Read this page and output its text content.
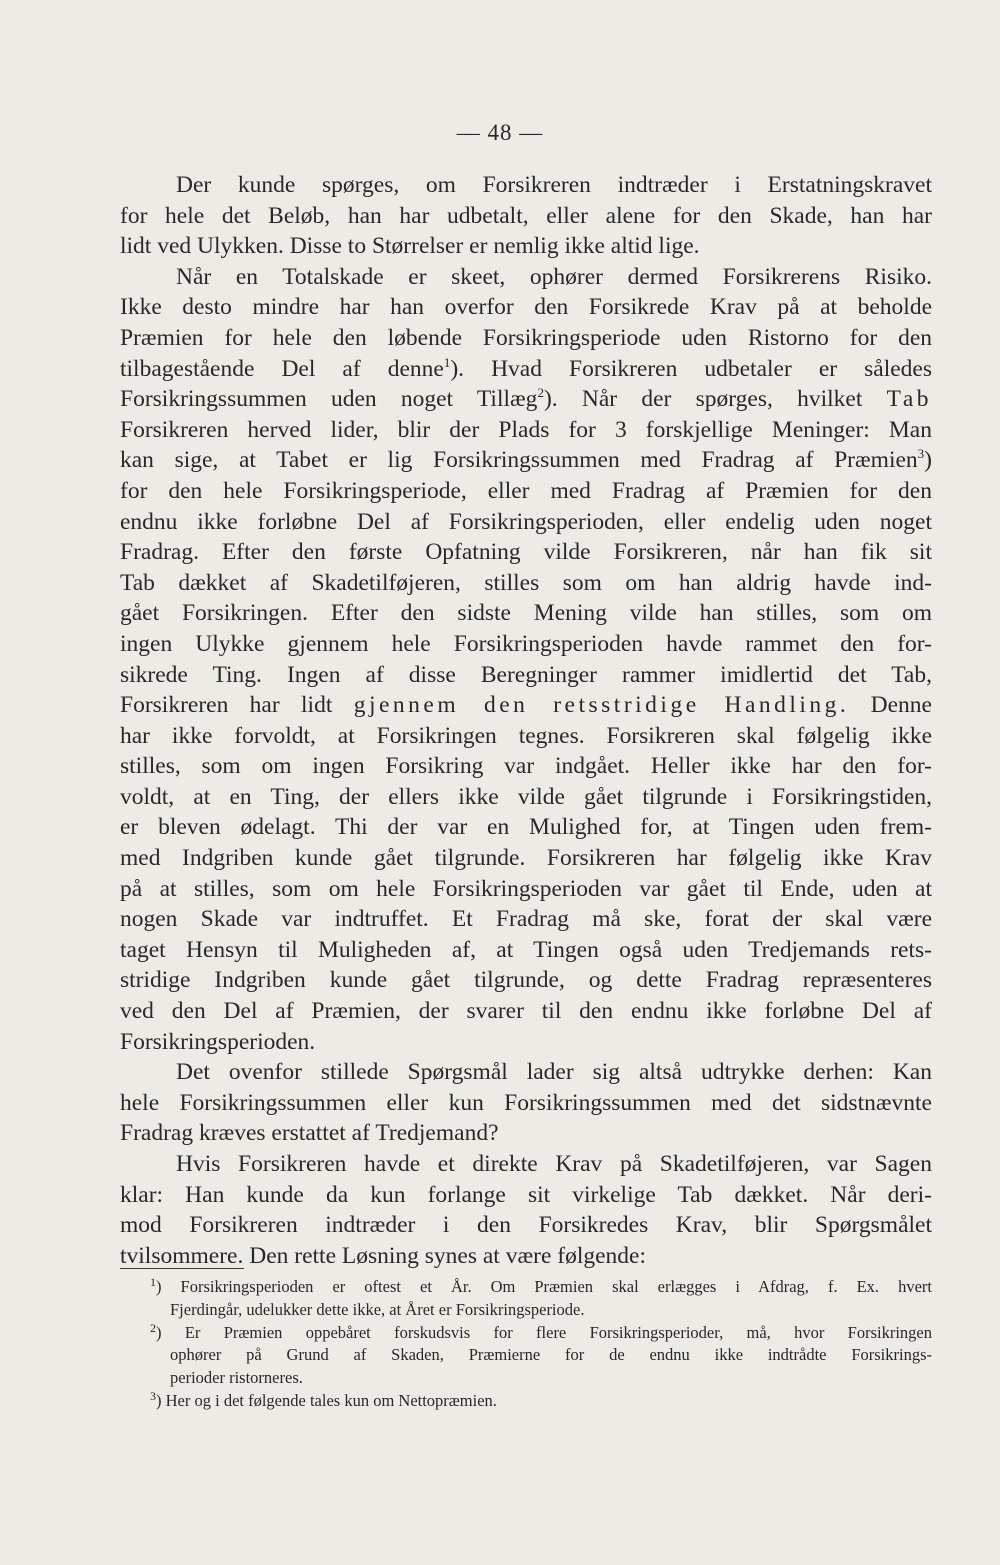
— 48 —
Der kunde spørges, om Forsikreren indtræder i Erstatningskravet
for hele det Beløb, han har udbetalt, eller alene for den Skade, han har
lidt ved Ulykken. Disse to Størrelser er nemlig ikke altid lige.
Når en Totalskade er skeet, ophører dermed Forsikrerens Risiko.
Ikke desto mindre har han overfor den Forsikrede Krav på at beholde
Præmien for hele den løbende Forsikringsperiode uden Ristorno for den
tilbagestående Del af denne$^1$). Hvad Forsikreren udbetaler er således
Forsikringssummen uden noget Tillæg$^2$). Når der spørges, hvilket Tab
Forsikreren herved lider, blir der Plads for 3 forskjellige Meninger: Man
kan sige, at Tabet er lig Forsikringssummen med Fradrag af Præmien$^3$)
for den hele Forsikringsperiode, eller med Fradrag af Præmien for den
endnu ikke forløbne Del af Forsikringsperioden, eller endelig uden noget
Fradrag. Efter den første Opfatning vilde Forsikreren, når han fik sit
Tab dækket af Skadetilføjeren, stilles som om han aldrig havde ind-
gået Forsikringen. Efter den sidste Mening vilde han stilles, som om
ingen Ulykke gjennem hele Forsikringsperioden havde rammet den for-
sikrede Ting. Ingen af disse Beregninger rammer imidlertid det Tab,
Forsikreren har lidt gjennem den retsstridige Handling. Denne
har ikke forvoldt, at Forsikringen tegnes. Forsikreren skal følgelig ikke
stilles, som om ingen Forsikring var indgået. Heller ikke har den for-
voldt, at en Ting, der ellers ikke vilde gået tilgrunde i Forsikringstiden,
er bleven ødelagt. Thi der var en Mulighed for, at Tingen uden frem-
med Indgriben kunde gået tilgrunde. Forsikreren har følgelig ikke Krav
på at stilles, som om hele Forsikringsperioden var gået til Ende, uden at
nogen Skade var indtruffet. Et Fradrag må ske, forat der skal være
taget Hensyn til Muligheden af, at Tingen også uden Tredjemands rets-
stridige Indgriben kunde gået tilgrunde, og dette Fradrag repræsenteres
ved den Del af Præmien, der svarer til den endnu ikke forløbne Del af
Forsikringsperioden.
Det ovenfor stillede Spørgsmål lader sig altså udtrykke derhen: Kan
hele Forsikringssummen eller kun Forsikringssummen med det sidstnævnte
Fradrag kræves erstattet af Tredjemand?
Hvis Forsikreren havde et direkte Krav på Skadetilføjeren, var Sagen
klar: Han kunde da kun forlange sit virkelige Tab dækket. Når deri-
mod Forsikreren indtræder i den Forsikredes Krav, blir Spørgsmålet
tvilsommere. Den rette Løsning synes at være følgende:
$^1$) Forsikringsperioden er oftest et År. Om Præmien skal erlægges i Afdrag, f. Ex. hvert
Fjerdingår, udelukker dette ikke, at Året er Forsikringsperiode.
$^2$) Er Præmien oppebåret forskudsvis for flere Forsikringsperioder, må, hvor Forsikringen
ophører på Grund af Skaden, Præmierne for de endnu ikke indtrådte Forsikrings-
perioder ristorneres.
$^3$) Her og i det følgende tales kun om Nettopræmien.
